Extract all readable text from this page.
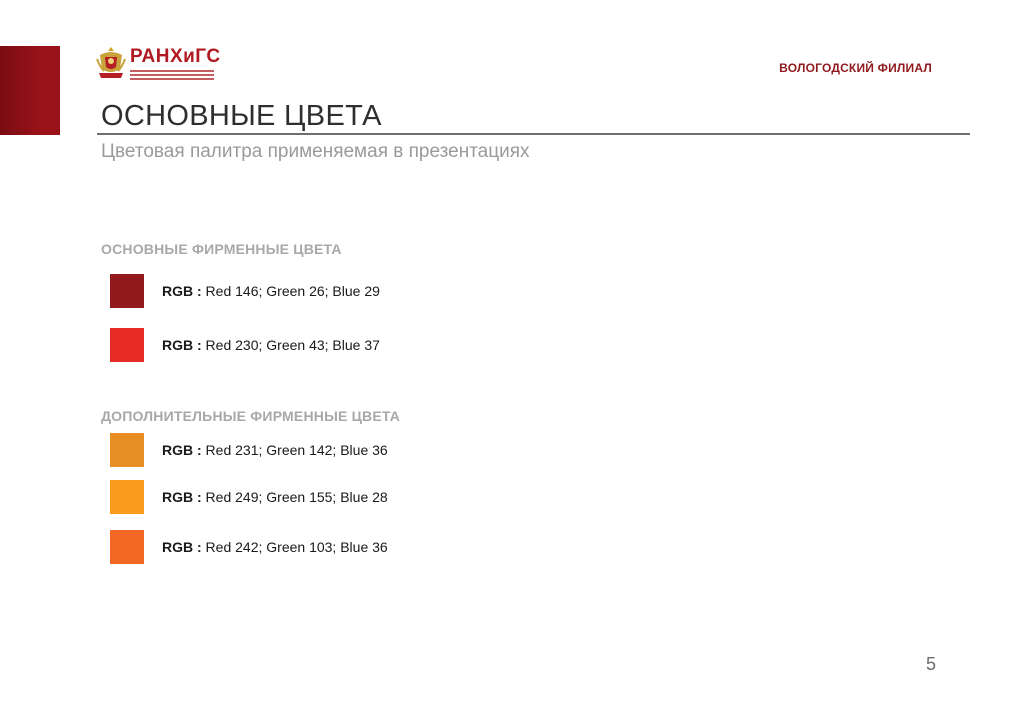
РАНХиГС
ВОЛОГОДСКИЙ ФИЛИАЛ
ОСНОВНЫЕ ЦВЕТА
Цветовая палитра применяемая в презентациях
ОСНОВНЫЕ ФИРМЕННЫЕ ЦВЕТА
RGB : Red 146; Green 26; Blue 29
RGB : Red 230; Green 43; Blue 37
ДОПОЛНИТЕЛЬНЫЕ ФИРМЕННЫЕ ЦВЕТА
RGB : Red 231; Green 142; Blue 36
RGB : Red 249; Green 155; Blue 28
RGB : Red 242; Green 103; Blue 36
5
